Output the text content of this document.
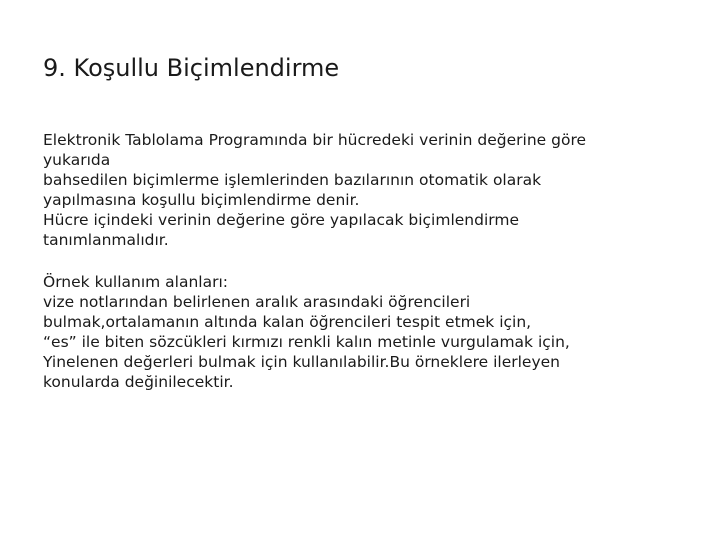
9. Koşullu Biçimlendirme
Elektronik Tablolama Programında bir hücredeki verinin değerine göre
yukarıda
bahsedilen biçimlerme işlemlerinden bazılarının otomatik olarak
yapılmasına koşullu biçimlendirme denir.
Hücre içindeki verinin değerine göre yapılacak biçimlendirme
tanımlanmalıdır.
Örnek kullanım alanları:
vize notlarından belirlenen aralık arasındaki öğrencileri
bulmak,ortalamanın altında kalan öğrencileri tespit etmek için,
“es” ile biten sözcükleri kırmızı renkli kalın metinle vurgulamak için,
Yinelenen değerleri bulmak için kullanılabilir.Bu örneklere ilerleyen
konularda değinilecektir.
